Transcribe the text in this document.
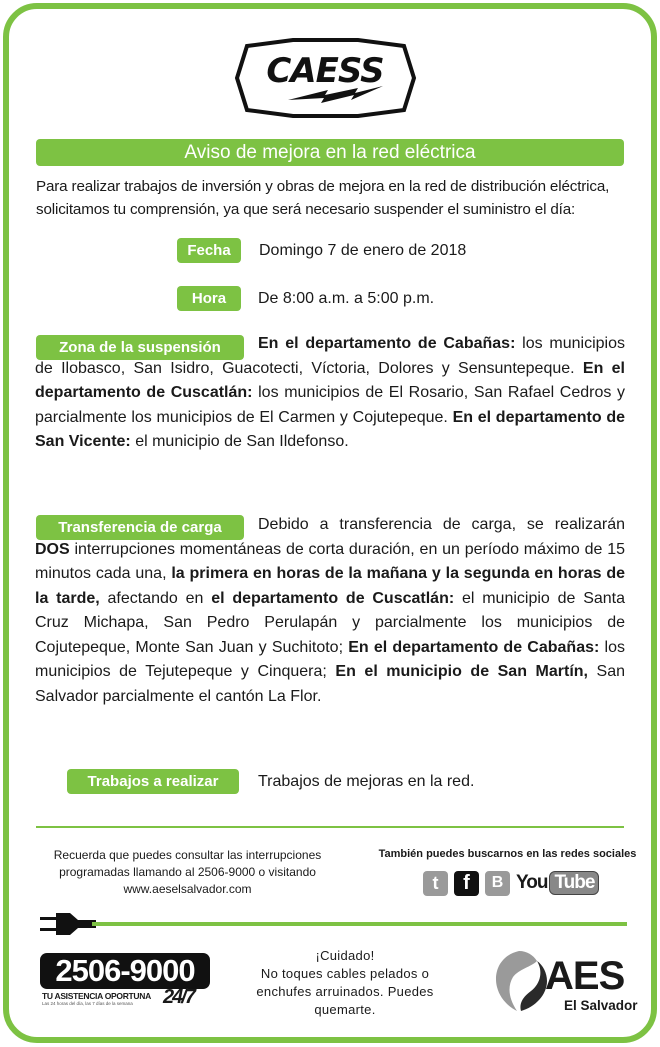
CAESS
Aviso de mejora en la red eléctrica

Para realizar trabajos de inversión y obras de mejora en la red de distribución eléctrica, solicitamos tu comprensión, ya que será necesario suspender el suministro el día:

Fecha	Domingo 7 de enero de 2018
Hora	De 8:00 a.m. a 5:00 p.m.
Zona de la suspensión	En el departamento de Cabañas: los municipios de Ilobasco, San Isidro, Guacotecti, Víctoria, Dolores y Sensuntepeque. En el departamento de Cuscatlán: los municipios de El Rosario, San Rafael Cedros y parcialmente los municipios de El Carmen y Cojutepeque. En el departamento de San Vicente: el municipio de San Ildefonso.

Transferencia de carga	Debido a transferencia de carga, se realizarán DOS interrupciones momentáneas de corta duración, en un período máximo de 15 minutos cada una, la primera en horas de la mañana y la segunda en horas de la tarde, afectando en el departamento de Cuscatlán: el municipio de Santa Cruz Michapa, San Pedro Perulapán y parcialmente los municipios de Cojutepeque, Monte San Juan y Suchitoto; En el departamento de Cabañas: los municipios de Tejutepeque y Cinquera; En el municipio de San Martín, San Salvador parcialmente el cantón La Flor.

Trabajos a realizar	Trabajos de mejoras en la red.

Recuerda que puedes consultar las interrupciones programadas llamando al 2506-9000 o visitando www.aeselsalvador.com

También puedes buscarnos en las redes sociales
t	f	B You Tube
2506-9000
TU ASISTENCIA OPORTUNA
Las 24 horas del día, las 7 días de la semana 24/7
¡Cuidado!
No toques cables pelados o
enchufes arruinados. Puedes
quemarte.
AES
El Salvador
